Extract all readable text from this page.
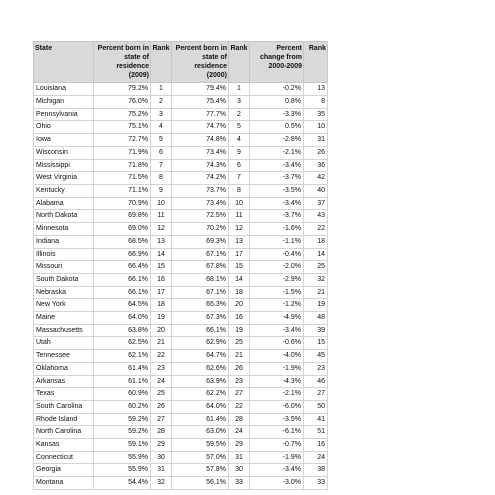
State	Percent born in state of residence (2009)	Rank	Percent born in state of residence (2000)	Rank	Percent change from 2000-2009	Rank
Louisiana	79.2%	1	79.4%	1	-0.2%	13
Michigan	76.0%	2	75.4%	3	0.8%	8
Pennsylvania	75.2%	3	77.7%	2	-3.3%	35
Ohio	75.1%	4	74.7%	5	0.5%	10
Iowa	72.7%	5	74.8%	4	-2.8%	31
Wisconsin	71.9%	6	73.4%	9	-2.1%	26
Mississippi	71.8%	7	74.3%	6	-3.4%	36
West Virginia	71.5%	8	74.2%	7	-3.7%	42
Kentucky	71.1%	9	73.7%	8	-3.5%	40
Alabama	70.9%	10	73.4%	10	-3.4%	37
North Dakota	69.8%	11	72.5%	11	-3.7%	43
Minnesota	69.0%	12	70.2%	12	-1.6%	22
Indiana	68.5%	13	69.3%	13	-1.1%	18
Illinois	66.9%	14	67.1%	17	-0.4%	14
Missouri	66.4%	15	67.8%	15	-2.0%	25
South Dakota	66.1%	16	68.1%	14	-2.9%	32
Nebraska	66.1%	17	67.1%	18	-1.5%	21
New York	64.5%	18	65.3%	20	-1.2%	19
Maine	64.0%	19	67.3%	16	-4.9%	48
Massachusetts	63.8%	20	66.1%	19	-3.4%	39
Utah	62.5%	21	62.9%	25	-0.6%	15
Tennessee	62.1%	22	64.7%	21	-4.0%	45
Oklahoma	61.4%	23	62.6%	26	-1.9%	23
Arkansas	61.1%	24	63.9%	23	-4.3%	46
Texas	60.9%	25	62.2%	27	-2.1%	27
South Carolina	60.2%	26	64.0%	22	-6.0%	50
Rhode Island	59.2%	27	61.4%	28	-3.5%	41
North Carolina	59.2%	28	63.0%	24	-6.1%	51
Kansas	59.1%	29	59.5%	29	-0.7%	16
Connecticut	55.9%	30	57.0%	31	-1.9%	24
Georgia	55.9%	31	57.8%	30	-3.4%	38
Montana	54.4%	32	56.1%	33	-3.0%	33
